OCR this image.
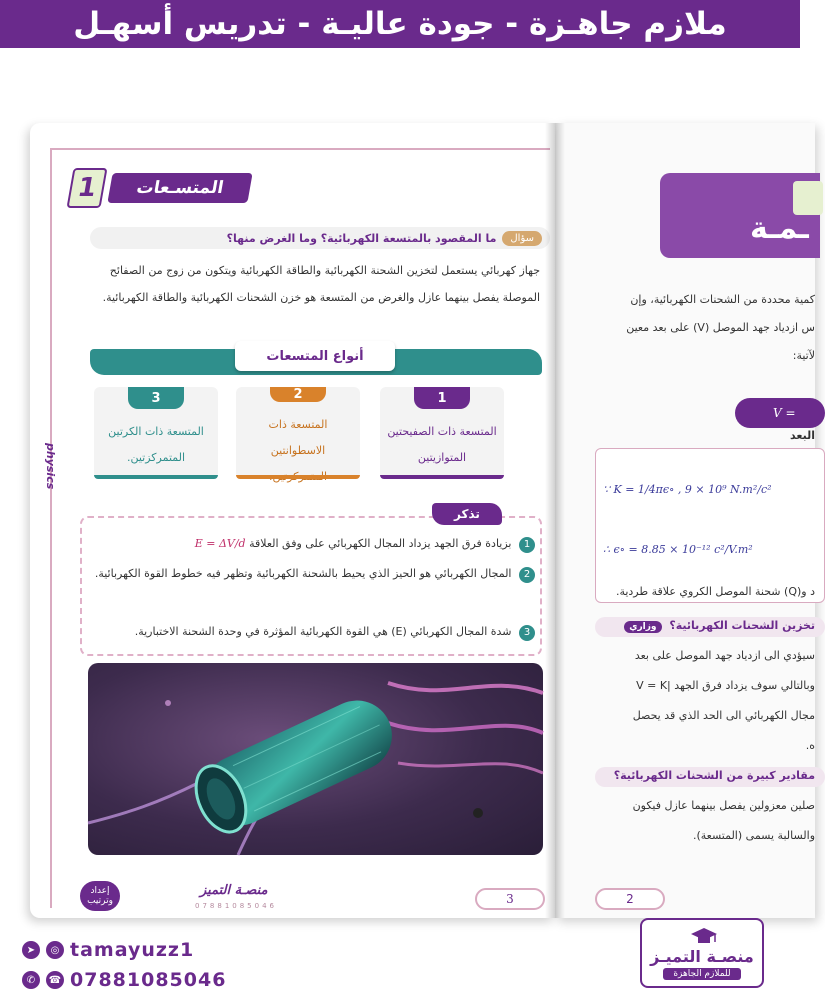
ملازم جاهـزة - جودة عاليـة - تدريس أسهـل
ـمـة
كمية محددة من الشحنات الكهربائية، وإن
س ازدياد جهد الموصل (V) على بعد معين
لآتية:
V =
البعد
∵ K = 1/4πϵ∘ , 9 × 10⁹ N.m²/c²
∴ ϵ∘ = 8.85 × 10⁻¹² c²/V.m²
د و(Q) شحنة الموصل الكروي علاقة طردية.
تخزين الشحنات الكهربائية؟ وزاري
سيؤدي الى ازدياد جهد الموصل على بعد
وبالتالي سوف يزداد فرق الجهد |V = K
مجال الكهربائي الى الحد الذي قد يحصل
ه.
مقادير كبيرة من الشحنات الكهربائية؟
صلين معزولين يفصل بينهما عازل فيكون
والسالبة يسمى (المتسعة).
2
physics
1	المتسـعات
سؤال
ما المقصود بالمتسعة الكهربائية؟ وما الغرض منها؟

جهاز كهربائي يستعمل لتخزين الشحنة الكهربائية والطاقة الكهربائية ويتكون من زوج من الصفائح الموصلة يفصل بينهما عازل والغرض من المتسعة هو خزن الشحنات الكهربائية والطاقة الكهربائية.

أنواع المتسعات
1
المتسعة ذات الصفيحتين المتوازيتين
2
المتسعة ذات الاسطوانتين
3
المتسعة ذات الكرتين المتمركزتين.
تذكر
1 بزيادة فرق الجهد يزداد المجال الكهربائي على وفق العلاقة E = ΔV/d
2 المجال الكهربائي هو الحيز الذي يحيط بالشحنة الكهربائية وتظهر فيه خطوط القوة الكهربائية.
3 شدة المجال الكهربائي (E) هي القوة الكهربائية المؤثرة في وحدة الشحنة الاختبارية.
إعداد وترتيب
منصـة التميز
07881085046	3
➤	◎ tamayuzz1
✆	☎ 07881085046
منصـة التميـز
للملازم الجاهزة
